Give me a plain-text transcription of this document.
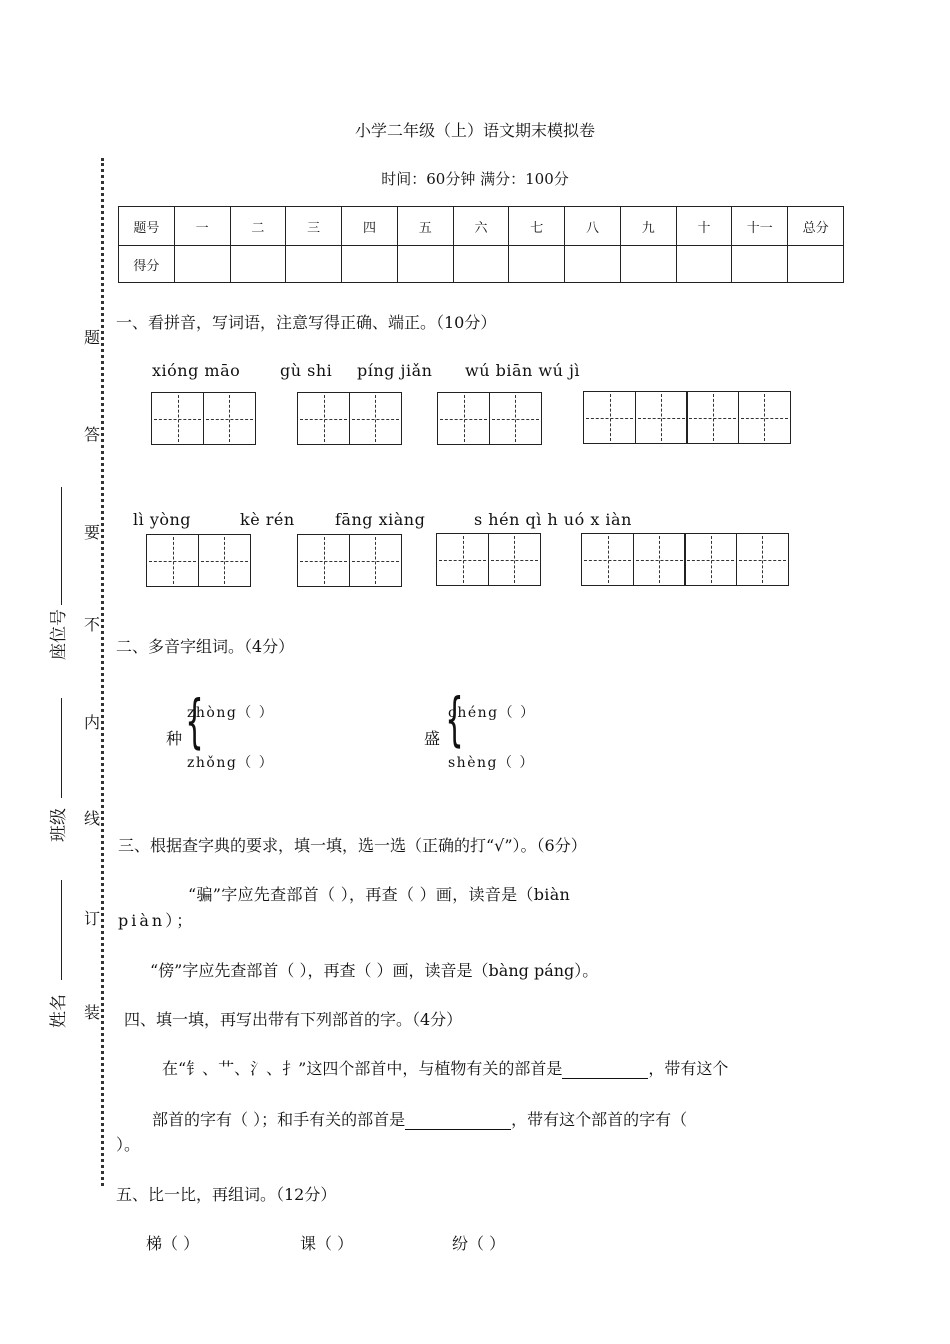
小学二年级（上）语文期末模拟卷
时间：60分钟 满分：100分
题号	一	二	三	四	五	六	七	八	九	十	十一	总分
得分												
题
答
要
不
内
线
订
装
座位号
班级
姓名
一、看拼音，写词语，注意写得正确、端正。（10分）
xióng māo gù shi píng jiǎn wú biān wú jì
lì yòng	kè rén	fāng xiàng	s hén qì h uó x iàn
二、多音字组词。（4分）
种 {
zhòng（ ）
zhǒng（ ）
盛 {
chéng（ ）
shèng（ ）
三、根据查字典的要求，填一填，选一选（正确的打“√”）。（6分）
“骗”字应先查部首（ ），再查（ ）画，读音是（biàn
piàn）；
“傍”字应先查部首（ ），再查（ ）画，读音是（bàng páng）。
四、填一填，再写出带有下列部首的字。（4分）
在“钅、艹、氵、扌”这四个部首中，与植物有关的部首是	，带有这个
部首的字有（ ）；和手有关的部首是	，带有这个部首的字有（
）。
五、比一比，再组词。（12分）
梯（ ）	课（ ）	纷（ ）
